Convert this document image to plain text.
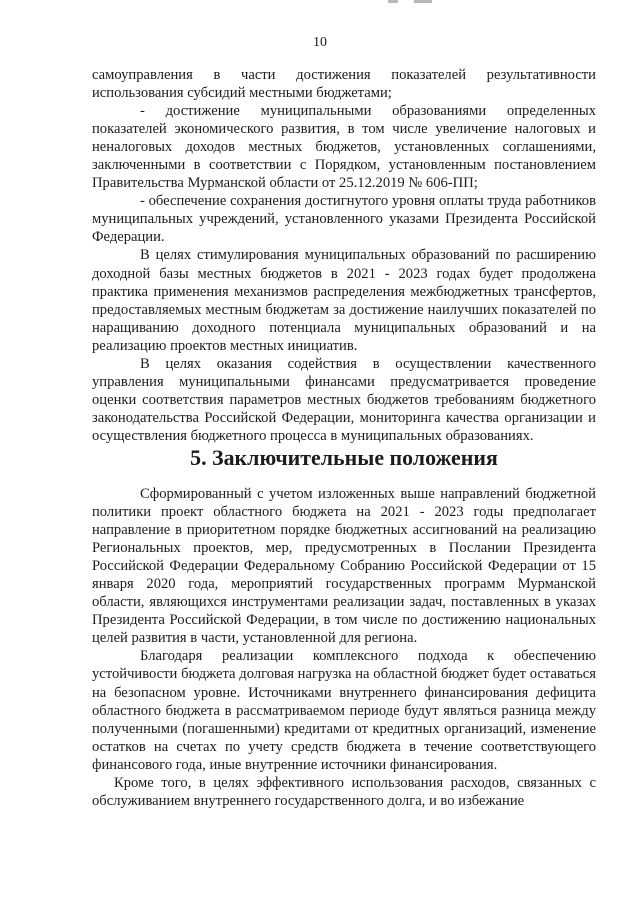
10

самоуправления в части достижения показателей результативности использования субсидий местными бюджетами;

- достижение муниципальными образованиями определенных показателей экономического развития, в том числе увеличение налоговых и неналоговых доходов местных бюджетов, установленных соглашениями, заключенными в соответствии с Порядком, установленным постановлением Правительства Мурманской области от 25.12.2019 № 606-ПП;

- обеспечение сохранения достигнутого уровня оплаты труда работников муниципальных учреждений, установленного указами Президента Российской Федерации.

В целях стимулирования муниципальных образований по расширению доходной базы местных бюджетов в 2021 - 2023 годах будет продолжена практика применения механизмов распределения межбюджетных трансфертов, предоставляемых местным бюджетам за достижение наилучших показателей по наращиванию доходного потенциала муниципальных образований и на реализацию проектов местных инициатив.

В целях оказания содействия в осуществлении качественного управления муниципальными финансами предусматривается проведение оценки соответствия параметров местных бюджетов требованиям бюджетного законодательства Российской Федерации, мониторинга качества организации и осуществления бюджетного процесса в муниципальных образованиях.

5. Заключительные положения

Сформированный с учетом изложенных выше направлений бюджетной политики проект областного бюджета на 2021 - 2023 годы предполагает направление в приоритетном порядке бюджетных ассигнований на реализацию Региональных проектов, мер, предусмотренных в Послании Президента Российской Федерации Федеральному Собранию Российской Федерации от 15 января 2020 года, мероприятий государственных программ Мурманской области, являющихся инструментами реализации задач, поставленных в указах Президента Российской Федерации, в том числе по достижению национальных целей развития в части, установленной для региона.

Благодаря реализации комплексного подхода к обеспечению устойчивости бюджета долговая нагрузка на областной бюджет будет оставаться на безопасном уровне. Источниками внутреннего финансирования дефицита областного бюджета в рассматриваемом периоде будут являться разница между полученными (погашенными) кредитами от кредитных организаций, изменение остатков на счетах по учету средств бюджета в течение соответствующего финансового года, иные внутренние источники финансирования.

Кроме того, в целях эффективного использования расходов, связанных с обслуживанием внутреннего государственного долга, и во избежание
